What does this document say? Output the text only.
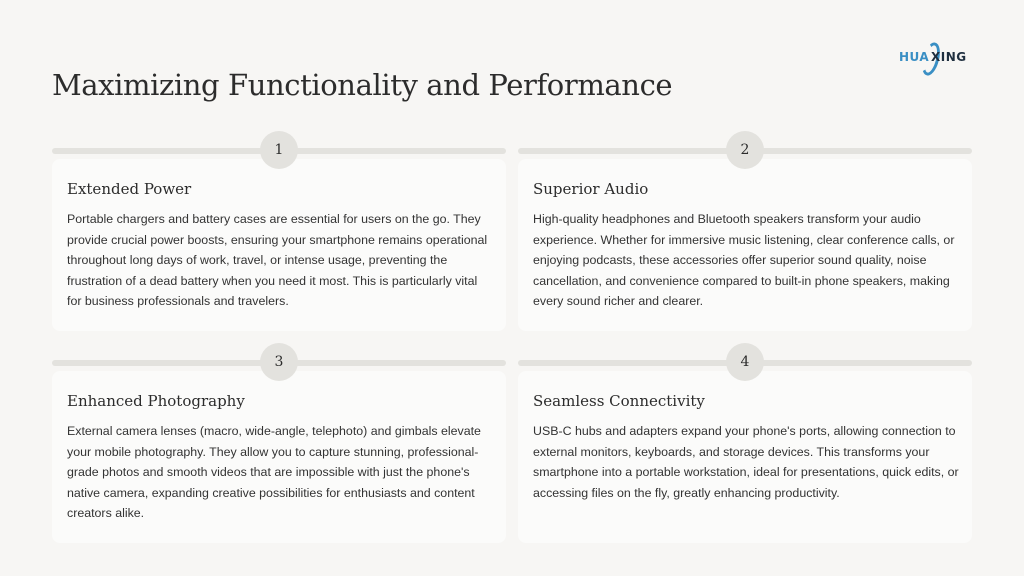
HUA XING
Maximizing Functionality and Performance
1
Extended Power

Portable chargers and battery cases are essential for users on the go. They provide crucial power boosts, ensuring your smartphone remains operational throughout long days of work, travel, or intense usage, preventing the frustration of a dead battery when you need it most. This is particularly vital for business professionals and travelers.

2
Superior Audio

High-quality headphones and Bluetooth speakers transform your audio experience. Whether for immersive music listening, clear conference calls, or enjoying podcasts, these accessories offer superior sound quality, noise cancellation, and convenience compared to built-in phone speakers, making every sound richer and clearer.

3
Enhanced Photography

External camera lenses (macro, wide-angle, telephoto) and gimbals elevate your mobile photography. They allow you to capture stunning, professional-grade photos and smooth videos that are impossible with just the phone's native camera, expanding creative possibilities for enthusiasts and content creators alike.

4
Seamless Connectivity

USB-C hubs and adapters expand your phone's ports, allowing connection to external monitors, keyboards, and storage devices. This transforms your smartphone into a portable workstation, ideal for presentations, quick edits, or accessing files on the fly, greatly enhancing productivity.
